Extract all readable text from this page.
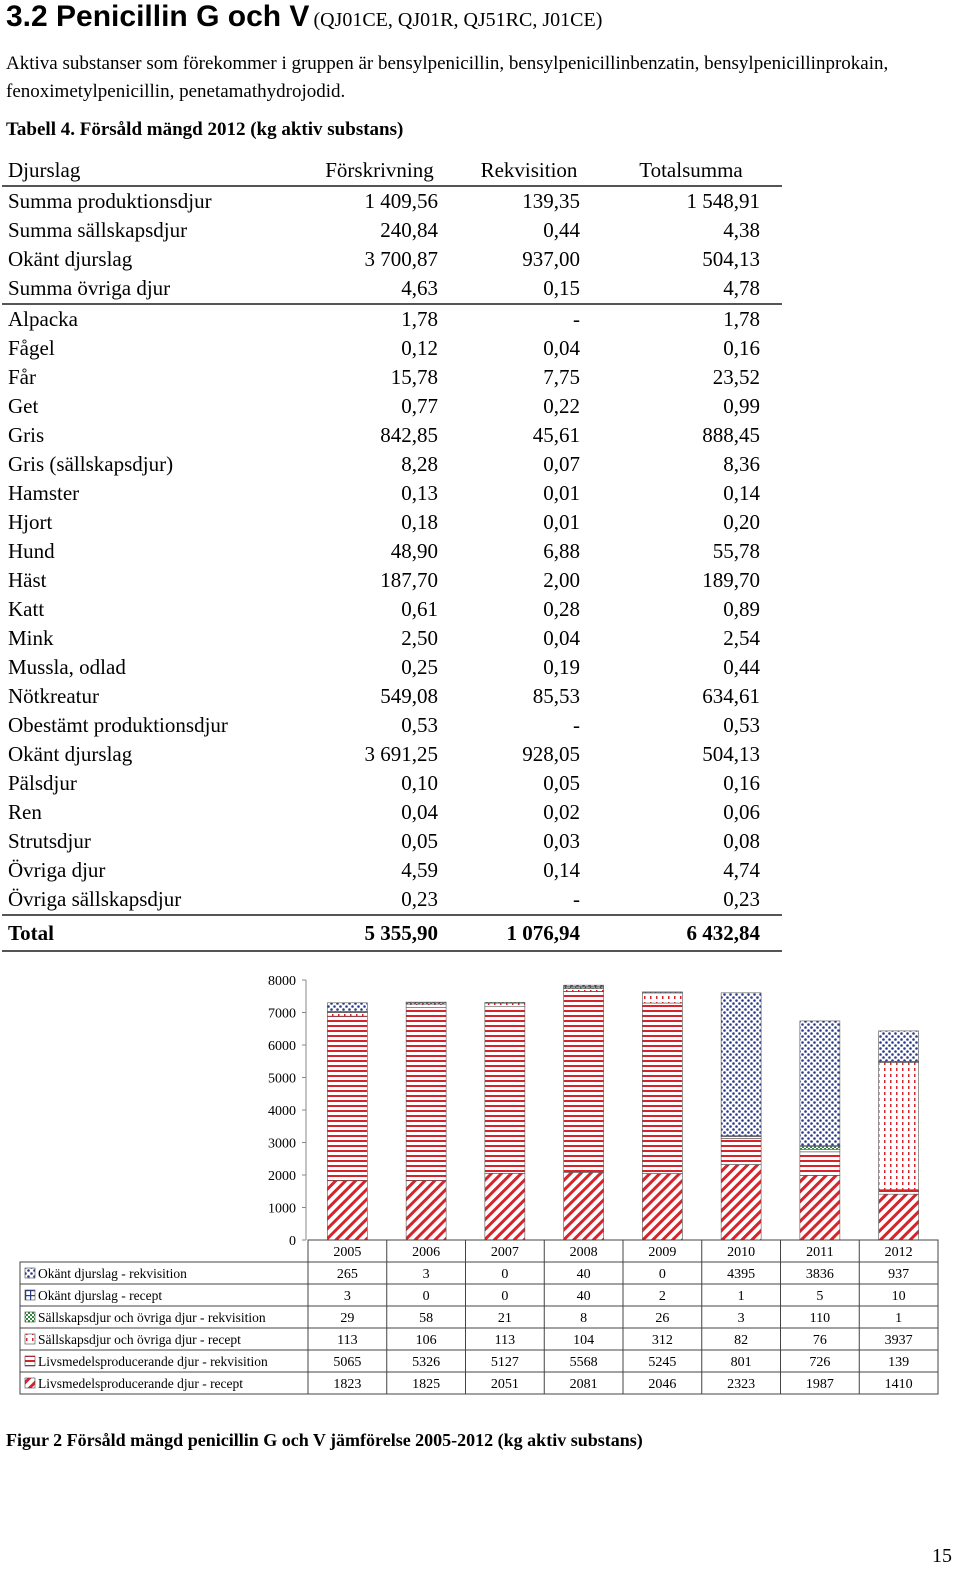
3.2 Penicillin G och V (QJ01CE, QJ01R, QJ51RC, J01CE)
Aktiva substanser som förekommer i gruppen är bensylpenicillin, bensylpenicillinbenzatin, bensylpenicillinprokain, fenoximetylpenicillin, penetamathydrojodid.
Tabell 4. Försåld mängd 2012 (kg aktiv substans)
Djurslag	Förskrivning	Rekvisition	Totalsumma
Summa produktionsdjur	1 409,56	139,35	1 548,91
Summa sällskapsdjur	240,84	0,44	4,38
Okänt djurslag	3 700,87	937,00	504,13
Summa övriga djur	4,63	0,15	4,78
Alpacka	1,78	-	1,78
Fågel	0,12	0,04	0,16
Får	15,78	7,75	23,52
Get	0,77	0,22	0,99
Gris	842,85	45,61	888,45
Gris (sällskapsdjur)	8,28	0,07	8,36
Hamster	0,13	0,01	0,14
Hjort	0,18	0,01	0,20
Hund	48,90	6,88	55,78
Häst	187,70	2,00	189,70
Katt	0,61	0,28	0,89
Mink	2,50	0,04	2,54
Mussla, odlad	0,25	0,19	0,44
Nötkreatur	549,08	85,53	634,61
Obestämt produktionsdjur	0,53	-	0,53
Okänt djurslag	3 691,25	928,05	504,13
Pälsdjur	0,10	0,05	0,16
Ren	0,04	0,02	0,06
Strutsdjur	0,05	0,03	0,08
Övriga djur	4,59	0,14	4,74
Övriga sällskapsdjur	0,23	-	0,23
Total	5 355,90	1 076,94	6 432,84
0
1000
2000
3000
4000
5000
6000
7000
8000
2005	2006	2007	2008	2009	2010	2011	2012
Okänt djurslag - rekvisition	265	3	0	40	0	4395	3836	937
Okänt djurslag - recept	3	0	0	40	2	1	5	10
Sällskapsdjur och övriga djur - rekvisition	29	58	21	8	26	3	110	1
Sällskapsdjur och övriga djur - recept	113	106	113	104	312	82	76	3937
Livsmedelsproducerande djur - rekvisition	5065	5326	5127	5568	5245	801	726	139
Livsmedelsproducerande djur - recept	1823	1825	2051	2081	2046	2323	1987	1410
Figur 2 Försåld mängd penicillin G och V jämförelse 2005-2012 (kg aktiv substans)
15
